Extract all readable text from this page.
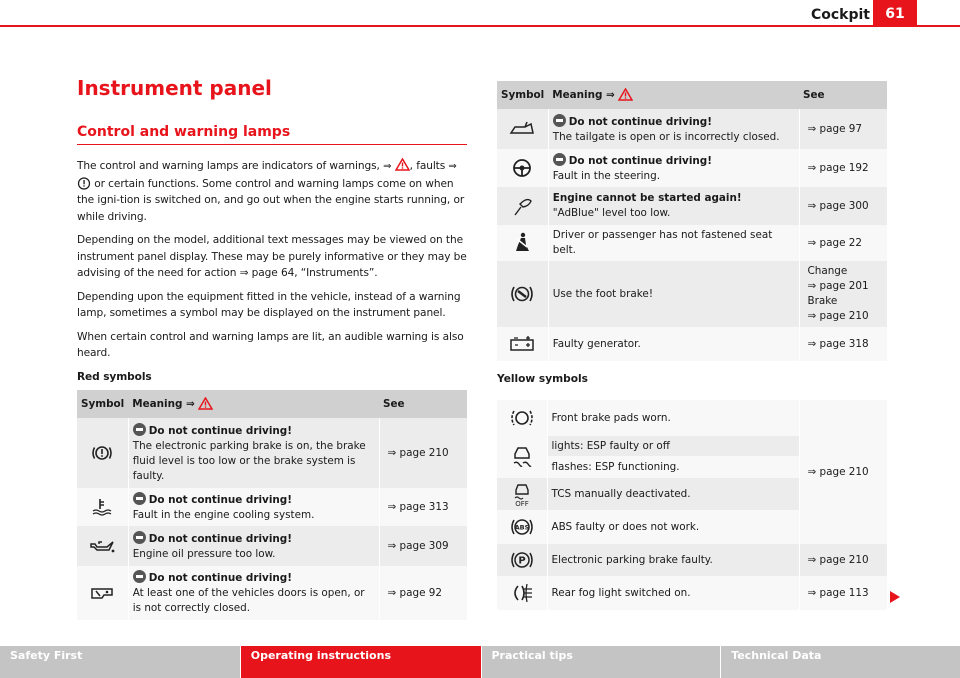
Cockpit	61
Instrument panel
Control and warning lamps

The control and warning lamps are indicators of warnings, ⇒ , faults ⇒  or certain functions. Some control and warning lamps come on when the igni-tion is switched on, and go out when the engine starts running, or while driving.

Depending on the model, additional text messages may be viewed on the instrument panel display. These may be purely informative or they may be advising of the need for action ⇒ page 64, “Instruments”.

Depending upon the equipment fitted in the vehicle, instead of a warning lamp, sometimes a symbol may be displayed on the instrument panel.

When certain control and warning lamps are lit, an audible warning is also heard.

Red symbols

Symbol	Meaning ⇒	See

Do not continue driving!
The electronic parking brake is on, the brake fluid level is too low or the brake system is faulty.	⇒ page 210

Do not continue driving!
Fault in the engine cooling system.	⇒ page 313

Do not continue driving!
Engine oil pressure too low.	⇒ page 309

Do not continue driving!
At least one of the vehicles doors is open, or is not correctly closed.	⇒ page 92
Symbol	Meaning ⇒	See

Do not continue driving!
The tailgate is open or is incorrectly closed.	⇒ page 97

Do not continue driving!
Fault in the steering.	⇒ page 192

Engine cannot be started again!
"AdBlue" level too low.	⇒ page 300
	Driver or passenger has not fastened seat belt.	⇒ page 22
	Use the foot brake!	Change
⇒ page 201
Brake
⇒ page 210

	Faulty generator.	⇒ page 318
Yellow symbols
	Front brake pads worn.	⇒ page 210
	lights: ESP faulty or off	
	flashes: ESP functioning.	

OFF	TCS manually deactivated.	

ABS	ABS faulty or does not work.	

P	Electronic parking brake faulty.	⇒ page 210
	Rear fog light switched on.	⇒ page 113
Safety First	Operating instructions	Practical tips	Technical Data
